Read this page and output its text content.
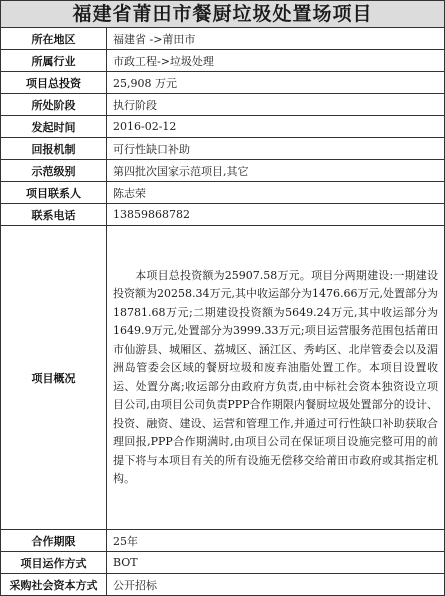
福建省莆田市餐厨垃圾处置场项目
所在地区	福建省 ->莆田市
所属行业	市政工程->垃圾处理
项目总投资	25,908 万元
所处阶段	执行阶段
发起时间	2016-02-12
回报机制	可行性缺口补助
示范级别	第四批次国家示范项目,其它
项目联系人	陈志荣
联系电话	13859868782
项目概况	本项目总投资额为25907.58万元。项目分两期建设:一期建设投资额为20258.34万元,其中收运部分为1476.66万元,处置部分为18781.68万元;二期建设投资额为5649.24万元,其中收运部分为1649.9万元,处置部分为3999.33万元;项目运营服务范围包括莆田市仙游县、城厢区、荔城区、涵江区、秀屿区、北岸管委会以及湄洲岛管委会区域的餐厨垃圾和废弃油脂处置工作。本项目设置收运、处置分离;收运部分由政府方负责,由中标社会资本独资设立项目公司,由项目公司负责PPP合作期限内餐厨垃圾处置部分的设计、投资、融资、建设、运营和管理工作,并通过可行性缺口补助获取合理回报,PPP合作期满时,由项目公司在保证项目设施完整可用的前提下将与本项目有关的所有设施无偿移交给莆田市政府或其指定机构。
合作期限	25年
项目运作方式	BOT
采购社会资本方式	公开招标
